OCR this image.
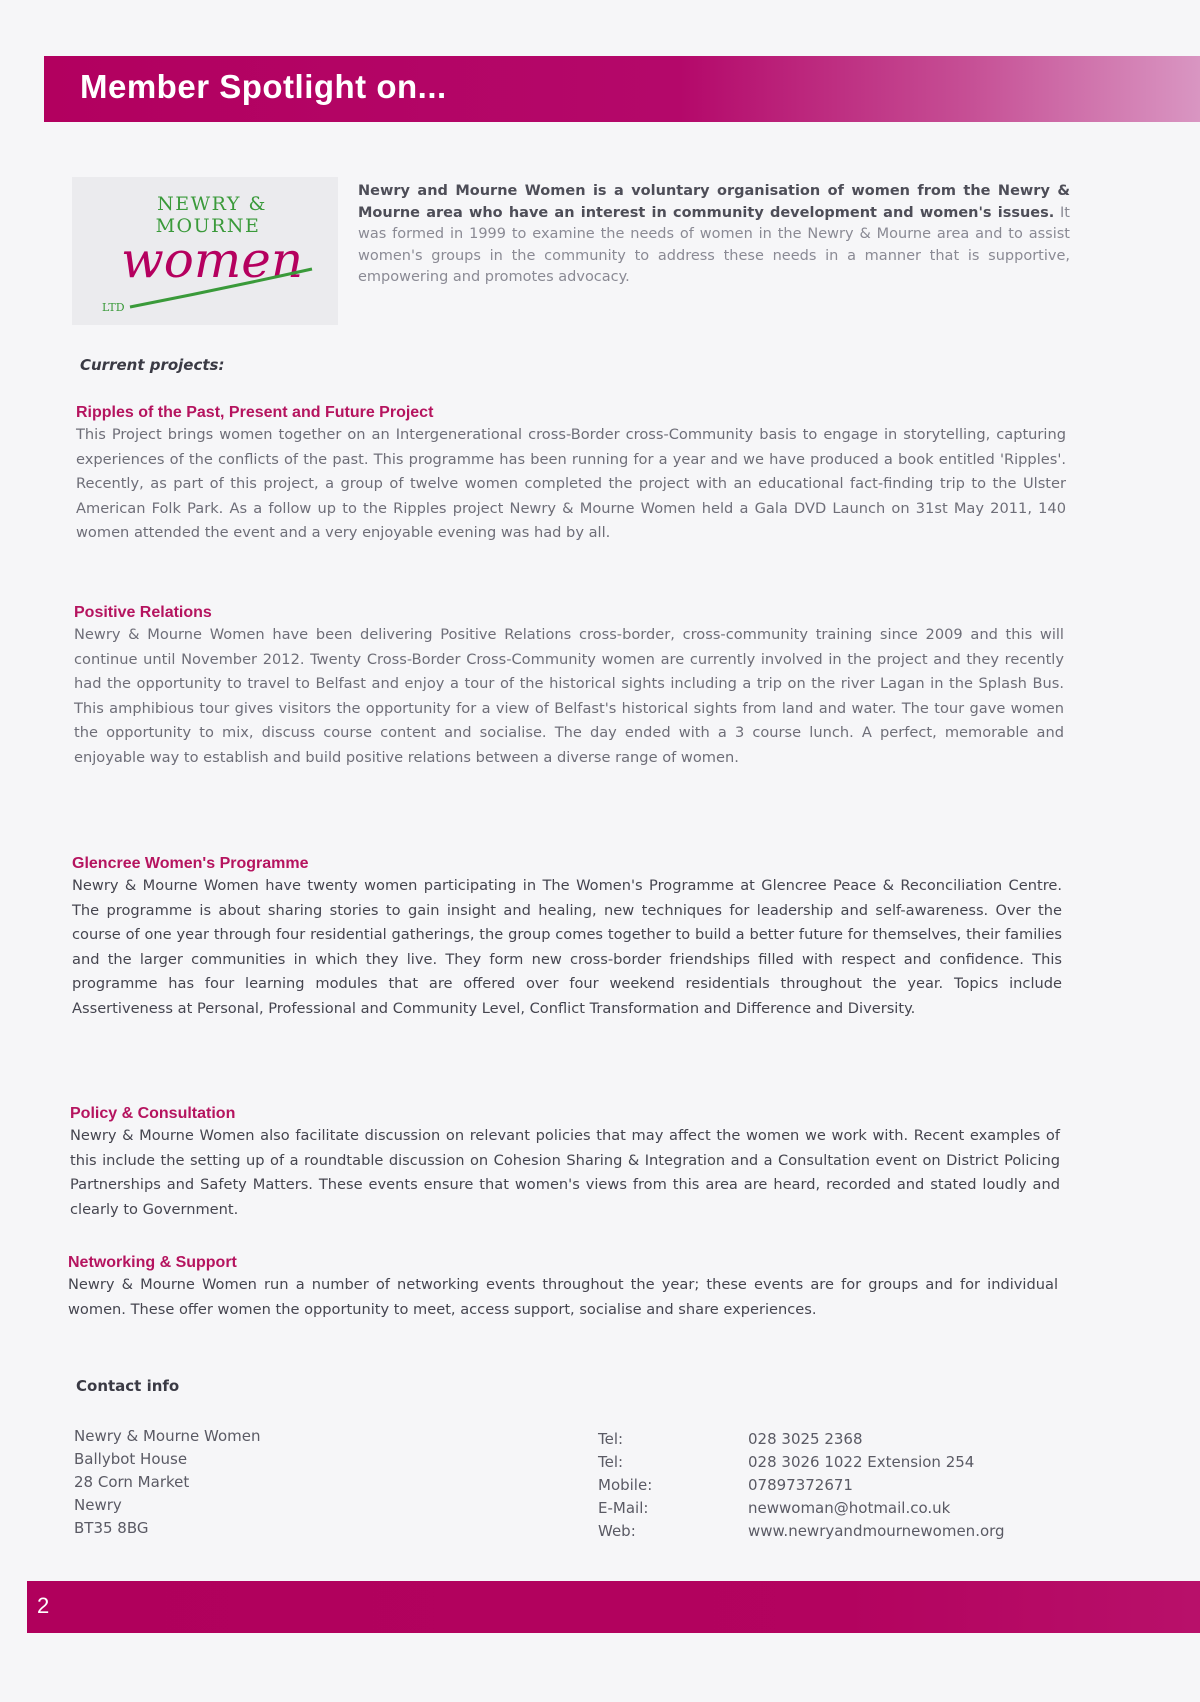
Member Spotlight on...
NEWRY &
MOURNE
women
LTD
Newry and Mourne Women is a voluntary organisation of women from the Newry & Mourne area who have an interest in community development and women's issues. It was formed in 1999 to examine the needs of women in the Newry & Mourne area and to assist women's groups in the community to address these needs in a manner that is supportive, empowering and promotes advocacy.
Current projects:
Ripples of the Past, Present and Future Project

This Project brings women together on an Intergenerational cross-Border cross-Community basis to engage in storytelling, capturing experiences of the conflicts of the past. This programme has been running for a year and we have produced a book entitled 'Ripples'. Recently, as part of this project, a group of twelve women completed the project with an educational fact-finding trip to the Ulster American Folk Park. As a follow up to the Ripples project Newry & Mourne Women held a Gala DVD Launch on 31st May 2011, 140 women attended the event and a very enjoyable evening was had by all.

Positive Relations

Newry & Mourne Women have been delivering Positive Relations cross-border, cross-community training since 2009 and this will continue until November 2012. Twenty Cross-Border Cross-Community women are currently involved in the project and they recently had the opportunity to travel to Belfast and enjoy a tour of the historical sights including a trip on the river Lagan in the Splash Bus. This amphibious tour gives visitors the opportunity for a view of Belfast's historical sights from land and water. The tour gave women the opportunity to mix, discuss course content and socialise. The day ended with a 3 course lunch. A perfect, memorable and enjoyable way to establish and build positive relations between a diverse range of women.

Glencree Women's Programme

Newry & Mourne Women have twenty women participating in The Women's Programme at Glencree Peace & Reconciliation Centre. The programme is about sharing stories to gain insight and healing, new techniques for leadership and self-awareness. Over the course of one year through four residential gatherings, the group comes together to build a better future for themselves, their families and the larger communities in which they live. They form new cross-border friendships filled with respect and confidence. This programme has four learning modules that are offered over four weekend residentials throughout the year. Topics include Assertiveness at Personal, Professional and Community Level, Conflict Transformation and Difference and Diversity.

Policy & Consultation

Newry & Mourne Women also facilitate discussion on relevant policies that may affect the women we work with. Recent examples of this include the setting up of a roundtable discussion on Cohesion Sharing & Integration and a Consultation event on District Policing Partnerships and Safety Matters. These events ensure that women's views from this area are heard, recorded and stated loudly and clearly to Government.

Networking & Support

Newry & Mourne Women run a number of networking events throughout the year; these events are for groups and for individual women. These offer women the opportunity to meet, access support, socialise and share experiences.

Contact info
Newry & Mourne Women
Ballybot House
28 Corn Market
Newry
BT35 8BG
Tel:
Tel:
Mobile:
E-Mail:
Web:
028 3025 2368
028 3026 1022 Extension 254
07897372671
newwoman@hotmail.co.uk
www.newryandmournewomen.org
2
